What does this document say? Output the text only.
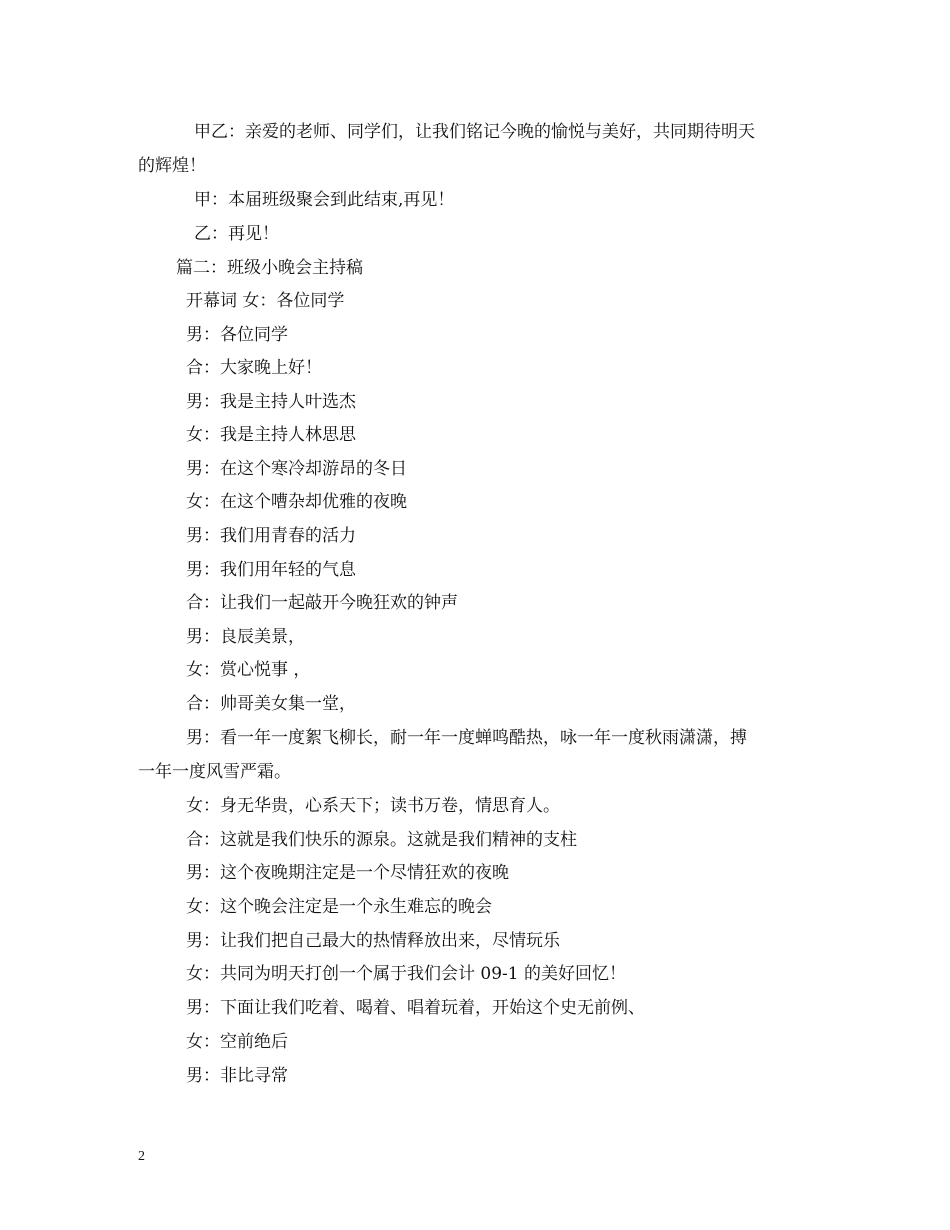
甲乙：亲爱的老师、同学们，让我们铭记今晚的愉悦与美好，共同期待明天
的辉煌！
甲：本届班级聚会到此结束,再见！
乙：再见！
篇二：班级小晚会主持稿
开幕词 女：各位同学
男：各位同学
合：大家晚上好！
男：我是主持人叶选杰
女：我是主持人林思思
男：在这个寒冷却游昂的冬日
女：在这个嘈杂却优雅的夜晚
男：我们用青春的活力
男：我们用年轻的气息
合：让我们一起敲开今晚狂欢的钟声
男：良辰美景，
女：赏心悦事 ，
合：帅哥美女集一堂，
男：看一年一度絮飞柳长，耐一年一度蝉鸣酷热，咏一年一度秋雨潇潇，搏
一年一度风雪严霜。
女：身无华贵，心系天下；读书万卷，情思育人。
合：这就是我们快乐的源泉。这就是我们精神的支柱
男：这个夜晚期注定是一个尽情狂欢的夜晚
女：这个晚会注定是一个永生难忘的晚会
男：让我们把自己最大的热情释放出来，尽情玩乐
女：共同为明天打创一个属于我们会计 09-1 的美好回忆！
男：下面让我们吃着、喝着、唱着玩着，开始这个史无前例、
女：空前绝后
男：非比寻常
2
